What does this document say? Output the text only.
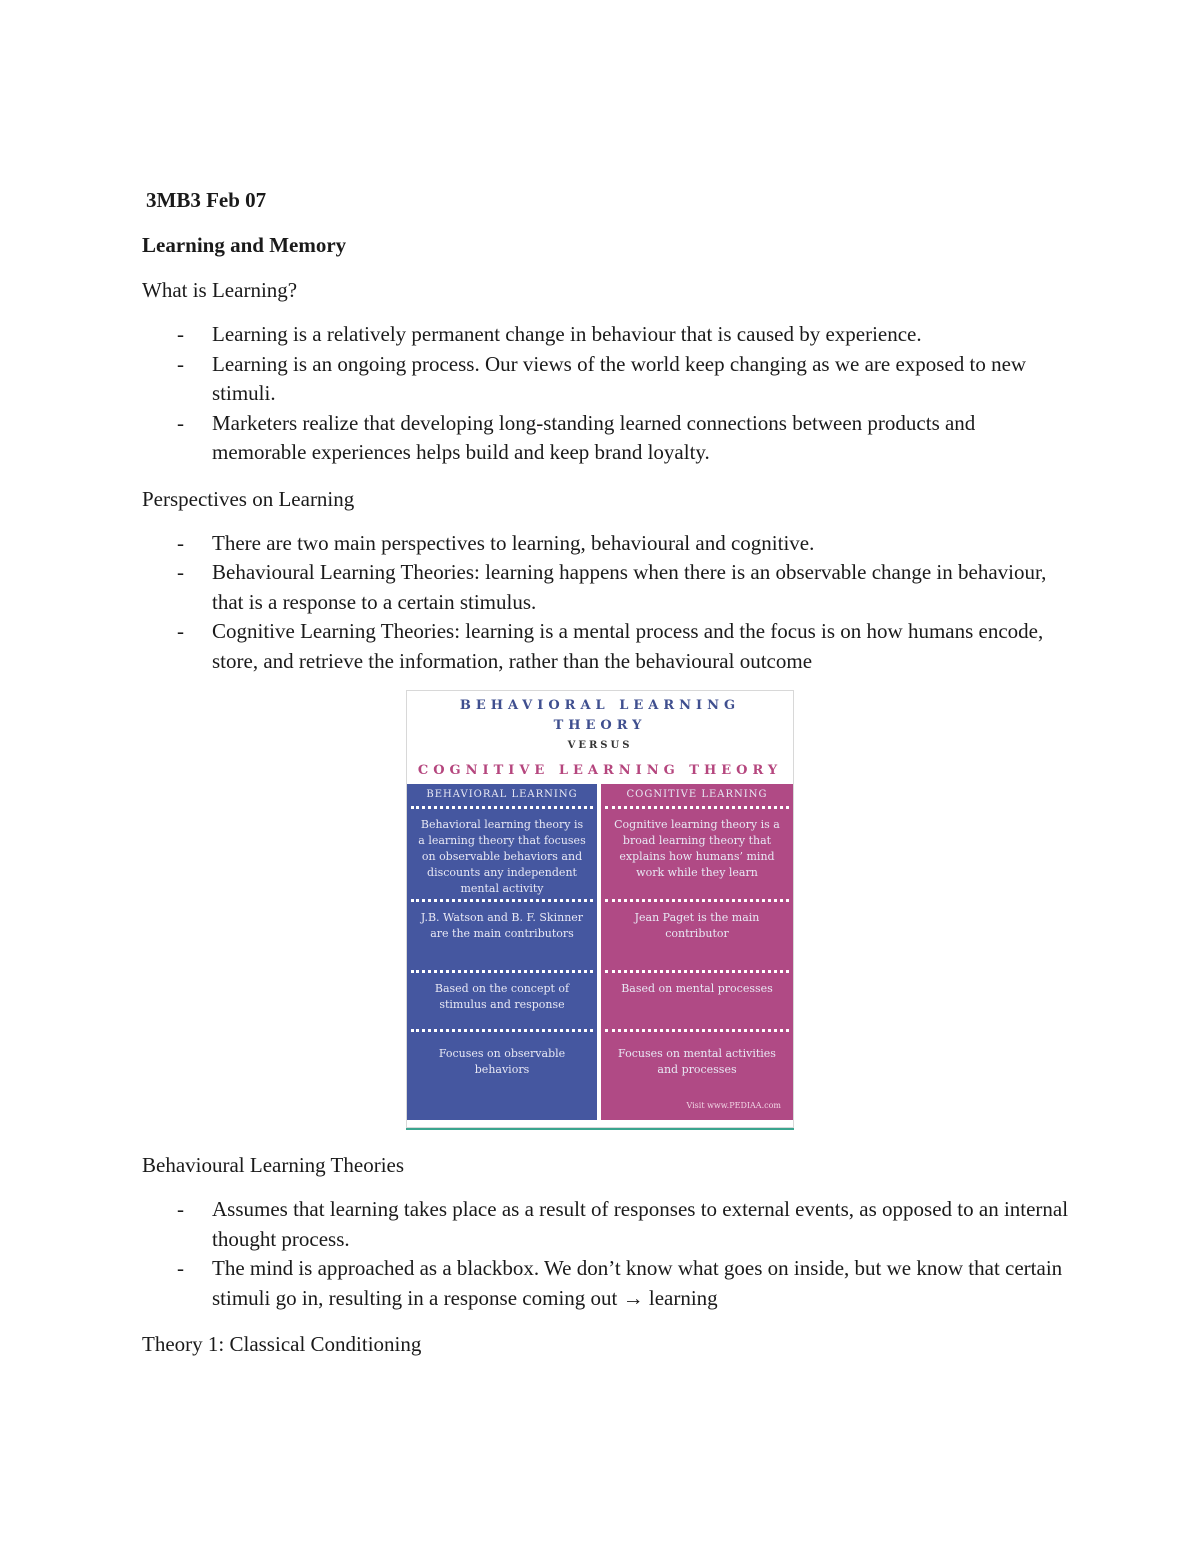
3MB3 Feb 07
Learning and Memory
What is Learning?
- Learning is a relatively permanent change in behaviour that is caused by experience.
- Learning is an ongoing process. Our views of the world keep changing as we are exposed to new stimuli.
- Marketers realize that developing long-standing learned connections between products and memorable experiences helps build and keep brand loyalty.
Perspectives on Learning
- There are two main perspectives to learning, behavioural and cognitive.
- Behavioural Learning Theories: learning happens when there is an observable change in behaviour, that is a response to a certain stimulus.
- Cognitive Learning Theories: learning is a mental process and the focus is on how humans encode, store, and retrieve the information, rather than the behavioural outcome
BEHAVIORAL LEARNING
THEORY
VERSUS
COGNITIVE LEARNING THEORY
BEHAVIORAL LEARNING
Behavioral learning theory is a learning theory that focuses on observable behaviors and discounts any independent mental activity
J.B. Watson and B. F. Skinner are the main contributors
Based on the concept of stimulus and response
Focuses on observable behaviors
COGNITIVE LEARNING
Cognitive learning theory is a broad learning theory that explains how humans’ mind work while they learn
Jean Paget is the main contributor
Based on mental processes
Focuses on mental activities and processes
Visit www.PEDIAA.com
Behavioural Learning Theories
- Assumes that learning takes place as a result of responses to external events, as opposed to an internal thought process.
- The mind is approached as a blackbox. We don’t know what goes on inside, but we know that certain stimuli go in, resulting in a response coming out → learning
Theory 1: Classical Conditioning
